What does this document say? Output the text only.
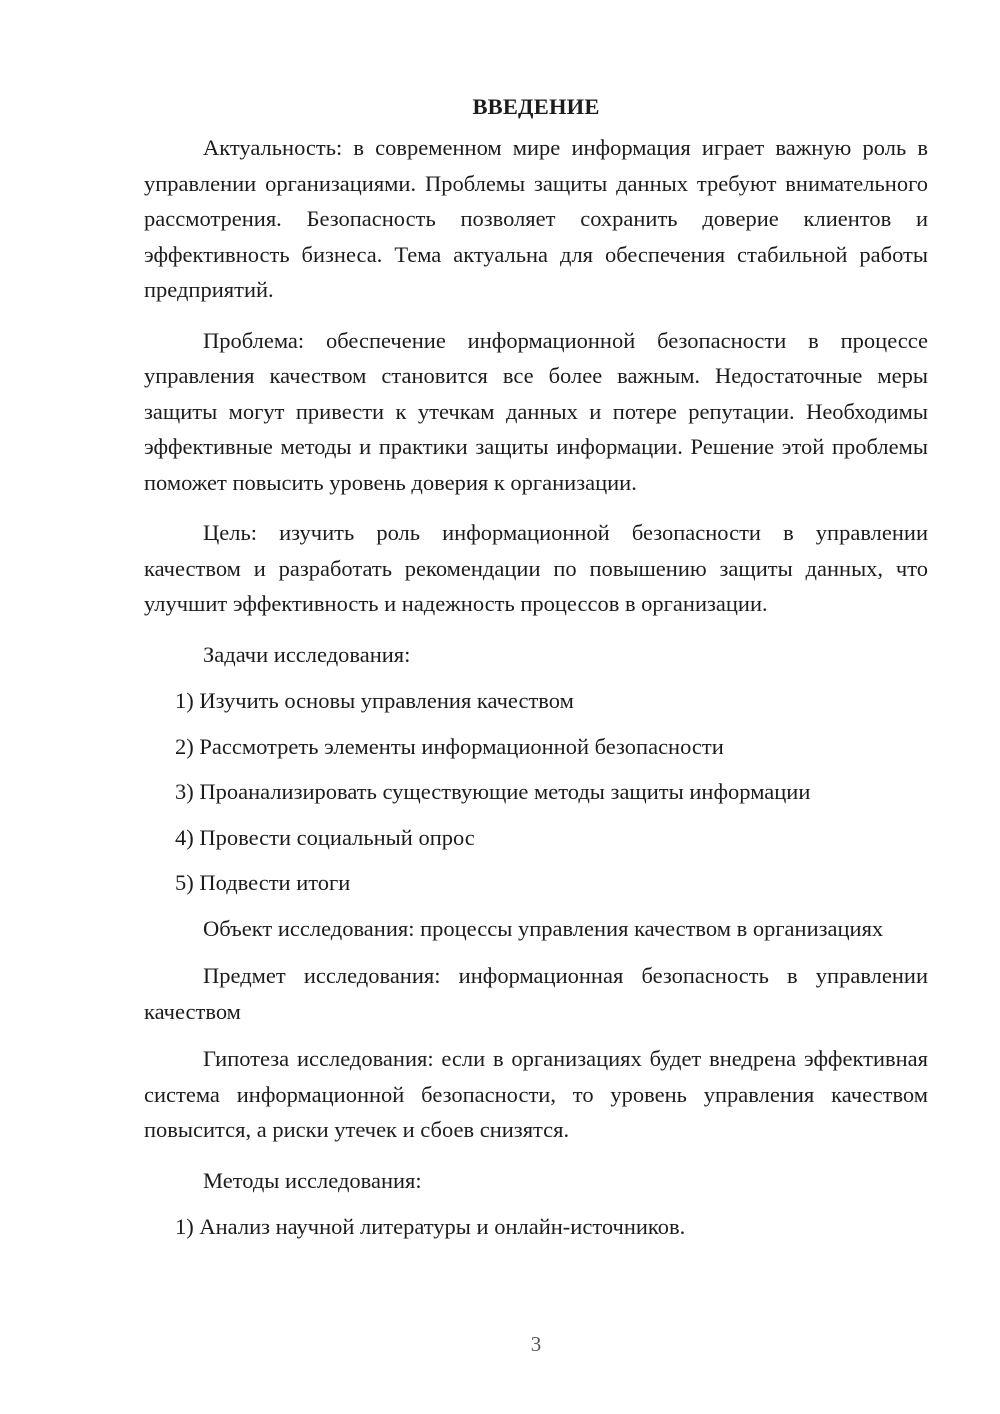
ВВЕДЕНИЕ
Актуальность: в современном мире информация играет важную роль в управлении организациями. Проблемы защиты данных требуют внимательного рассмотрения. Безопасность позволяет сохранить доверие клиентов и эффективность бизнеса. Тема актуальна для обеспечения стабильной работы предприятий.
Проблема: обеспечение информационной безопасности в процессе управления качеством становится все более важным. Недостаточные меры защиты могут привести к утечкам данных и потере репутации. Необходимы эффективные методы и практики защиты информации. Решение этой проблемы поможет повысить уровень доверия к организации.
Цель: изучить роль информационной безопасности в управлении качеством и разработать рекомендации по повышению защиты данных, что улучшит эффективность и надежность процессов в организации.
Задачи исследования:
1) Изучить основы управления качеством
2) Рассмотреть элементы информационной безопасности
3) Проанализировать существующие методы защиты информации
4) Провести социальный опрос
5) Подвести итоги
Объект исследования: процессы управления качеством в организациях
Предмет исследования: информационная безопасность в управлении качеством
Гипотеза исследования: если в организациях будет внедрена эффективная система информационной безопасности, то уровень управления качеством повысится, а риски утечек и сбоев снизятся.
Методы исследования:
1) Анализ научной литературы и онлайн-источников.
3
